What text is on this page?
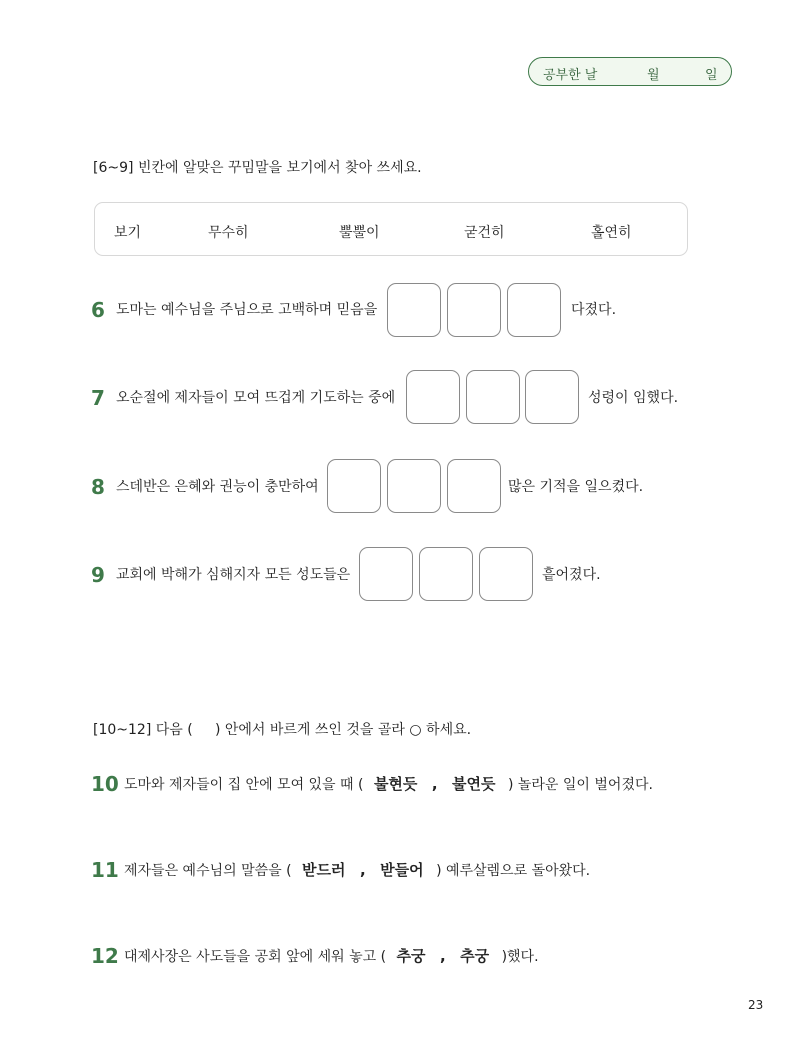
공부한 날	월	일
[6~9] 빈칸에 알맞은 꾸밈말을 보기에서 찾아 쓰세요.
보기	무수히	뿔뿔이	굳건히	홀연히
6 도마는 예수님을 주님으로 고백하며 믿음을	다졌다.
7 오순절에 제자들이 모여 뜨겁게 기도하는 중에	성령이 임했다.
8 스데반은 은혜와 권능이 충만하여	많은 기적을 일으켰다.
9 교회에 박해가 심해지자 모든 성도들은	흩어졌다.
[10~12] 다음 (     ) 안에서 바르게 쓰인 것을 골라 ○ 하세요.
10 도마와 제자들이 집 안에 모여 있을 때 ( 불현듯 , 불연듯 ) 놀라운 일이 벌어졌다.
11 제자들은 예수님의 말씀을 ( 받드러 , 받들어 ) 예루살렘으로 돌아왔다.
12 대제사장은 사도들을 공회 앞에 세워 놓고 ( 추궁 , 추궁 )했다.
23
